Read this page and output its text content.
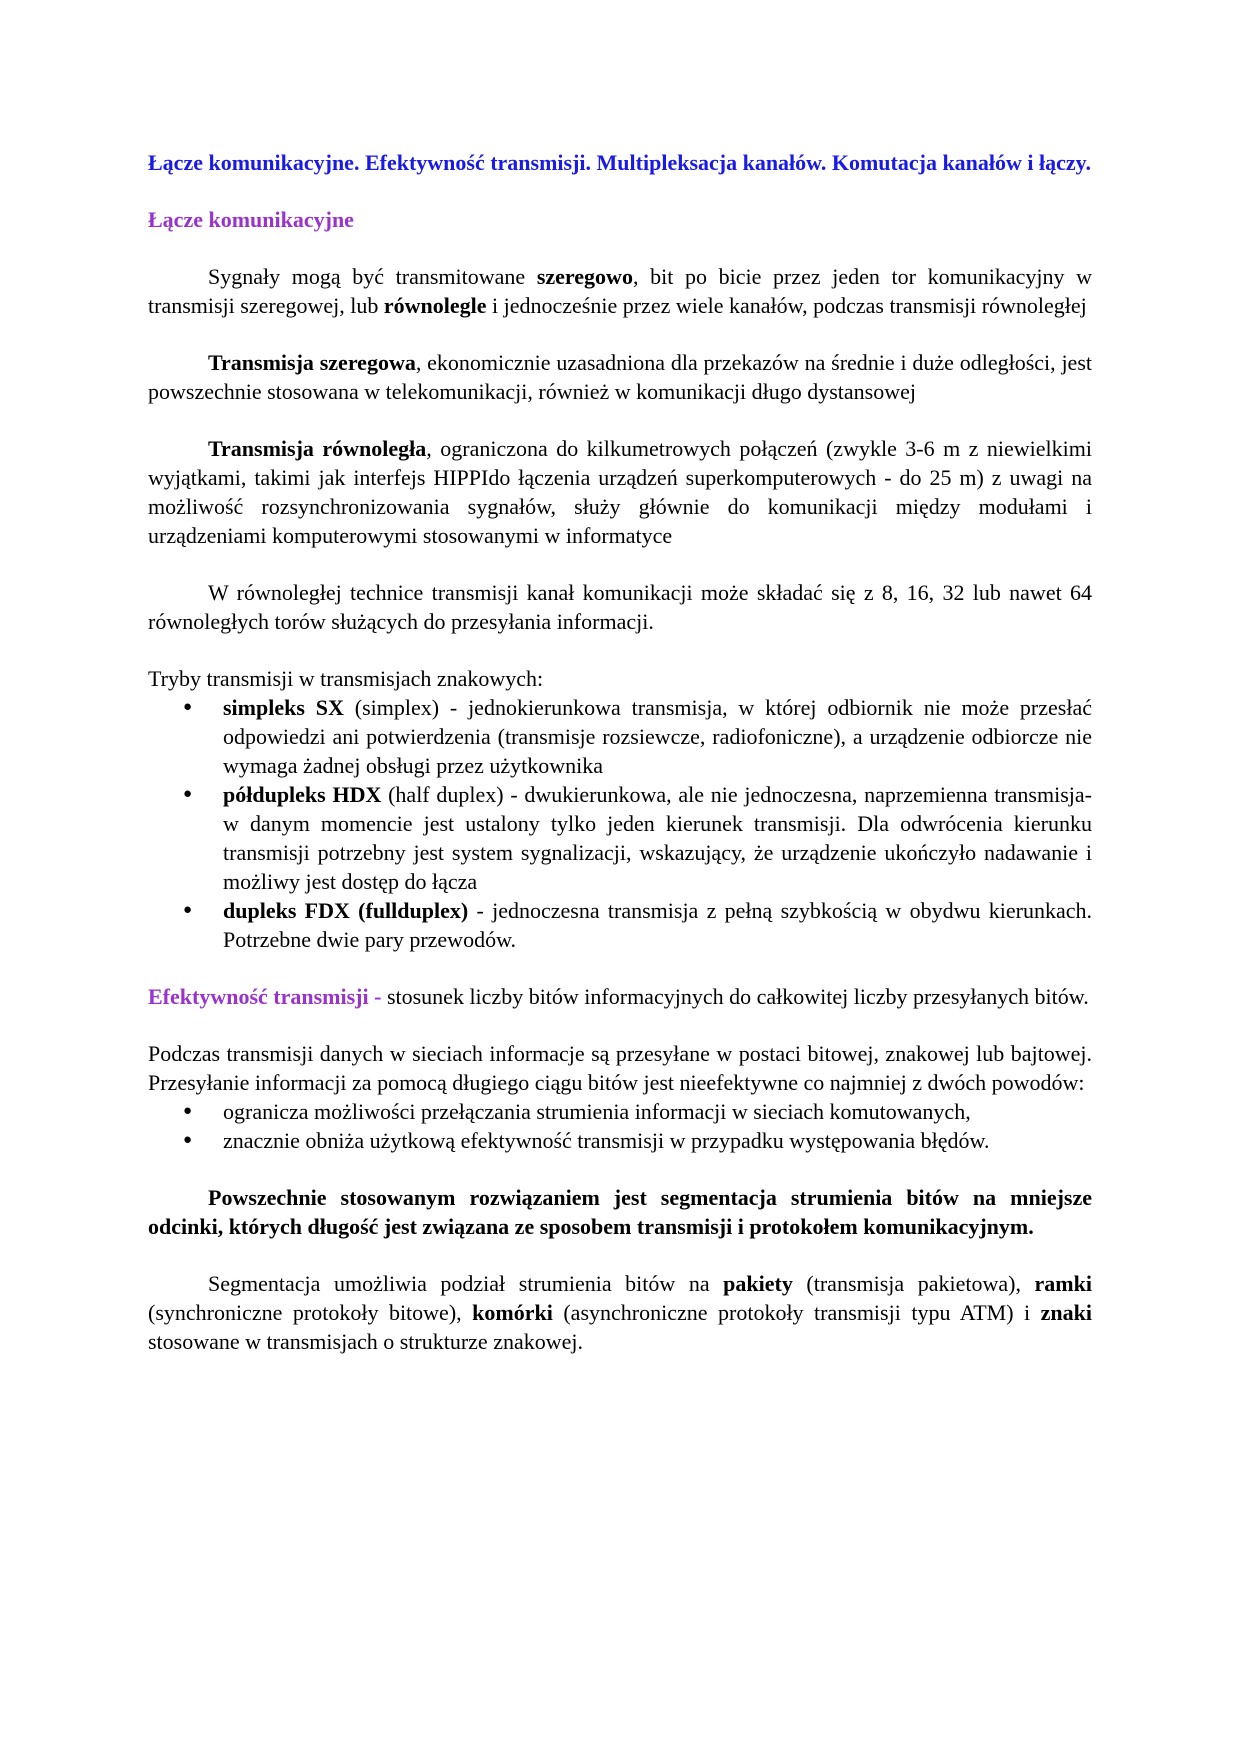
Łącze komunikacyjne. Efektywność transmisji. Multipleksacja kanałów. Komutacja kanałów i łączy.

Łącze komunikacyjne

Sygnały mogą być transmitowane szeregowo, bit po bicie przez jeden tor komunikacyjny w transmisji szeregowej, lub równolegle i jednocześnie przez wiele kanałów, podczas transmisji równoległej

Transmisja szeregowa, ekonomicznie uzasadniona dla przekazów na średnie i duże odległości, jest powszechnie stosowana w telekomunikacji, również w komunikacji długo dystansowej

Transmisja równoległa, ograniczona do kilkumetrowych połączeń (zwykle 3-6 m z niewielkimi wyjątkami, takimi jak interfejs HIPPIdo łączenia urządzeń superkomputerowych - do 25 m) z uwagi na możliwość rozsynchronizowania sygnałów, służy głównie do komunikacji między modułami i urządzeniami komputerowymi stosowanymi w informatyce

W równoległej technice transmisji kanał komunikacji może składać się z 8, 16, 32 lub nawet 64 równoległych torów służących do przesyłania informacji.

Tryby transmisji w transmisjach znakowych:

● simpleks SX (simplex) - jednokierunkowa transmisja, w której odbiornik nie może przesłać odpowiedzi ani potwierdzenia (transmisje rozsiewcze, radiofoniczne), a urządzenie odbiorcze nie wymaga żadnej obsługi przez użytkownika
● półdupleks HDX (half duplex) - dwukierunkowa, ale nie jednoczesna, naprzemienna transmisja- w danym momencie jest ustalony tylko jeden kierunek transmisji. Dla odwrócenia kierunku transmisji potrzebny jest system sygnalizacji, wskazujący, że urządzenie ukończyło nadawanie i możliwy jest dostęp do łącza
● dupleks FDX (fullduplex) - jednoczesna transmisja z pełną szybkością w obydwu kierunkach. Potrzebne dwie pary przewodów.

Efektywność transmisji - stosunek liczby bitów informacyjnych do całkowitej liczby przesyłanych bitów.

Podczas transmisji danych w sieciach informacje są przesyłane w postaci bitowej, znakowej lub bajtowej. Przesyłanie informacji za pomocą długiego ciągu bitów jest nieefektywne co najmniej z dwóch powodów:

● ogranicza możliwości przełączania strumienia informacji w sieciach komutowanych,
● znacznie obniża użytkową efektywność transmisji w przypadku występowania błędów.

Powszechnie stosowanym rozwiązaniem jest segmentacja strumienia bitów na mniejsze odcinki, których długość jest związana ze sposobem transmisji i protokołem komunikacyjnym.

Segmentacja umożliwia podział strumienia bitów na pakiety (transmisja pakietowa), ramki (synchroniczne protokoły bitowe), komórki (asynchroniczne protokoły transmisji typu ATM) i znaki stosowane w transmisjach o strukturze znakowej.
